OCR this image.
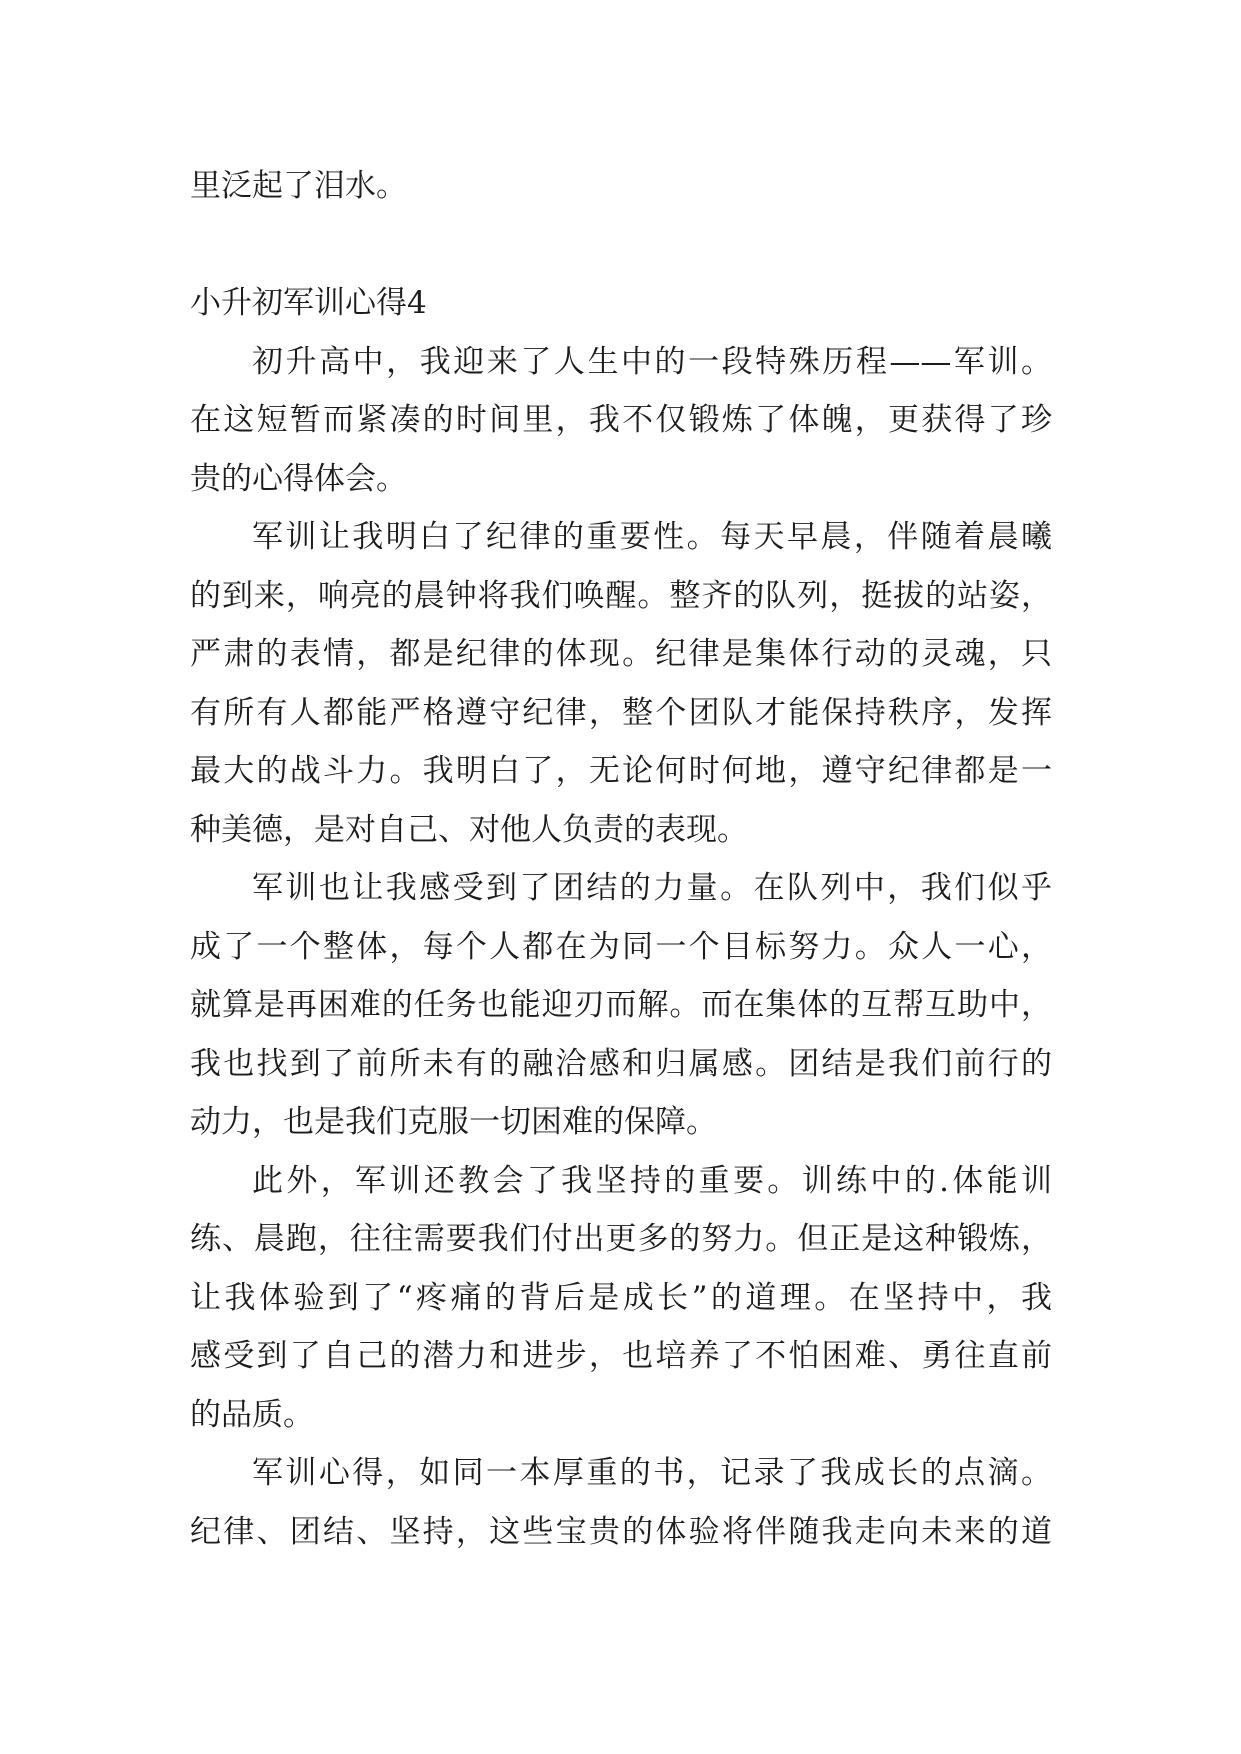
里泛起了泪水。
小升初军训心得4
初升高中，我迎来了人生中的一段特殊历程——军训。
在这短暂而紧凑的时间里，我不仅锻炼了体魄，更获得了珍
贵的心得体会。
军训让我明白了纪律的重要性。每天早晨，伴随着晨曦
的到来，响亮的晨钟将我们唤醒。整齐的队列，挺拔的站姿，
严肃的表情，都是纪律的体现。纪律是集体行动的灵魂，只
有所有人都能严格遵守纪律，整个团队才能保持秩序，发挥
最大的战斗力。我明白了，无论何时何地，遵守纪律都是一
种美德，是对自己、对他人负责的表现。
军训也让我感受到了团结的力量。在队列中，我们似乎
成了一个整体，每个人都在为同一个目标努力。众人一心，
就算是再困难的任务也能迎刃而解。而在集体的互帮互助中，
我也找到了前所未有的融洽感和归属感。团结是我们前行的
动力，也是我们克服一切困难的保障。
此外，军训还教会了我坚持的重要。训练中的.体能训
练、晨跑，往往需要我们付出更多的努力。但正是这种锻炼，
让我体验到了“疼痛的背后是成长”的道理。在坚持中，我
感受到了自己的潜力和进步，也培养了不怕困难、勇往直前
的品质。
军训心得，如同一本厚重的书，记录了我成长的点滴。
纪律、团结、坚持，这些宝贵的体验将伴随我走向未来的道
